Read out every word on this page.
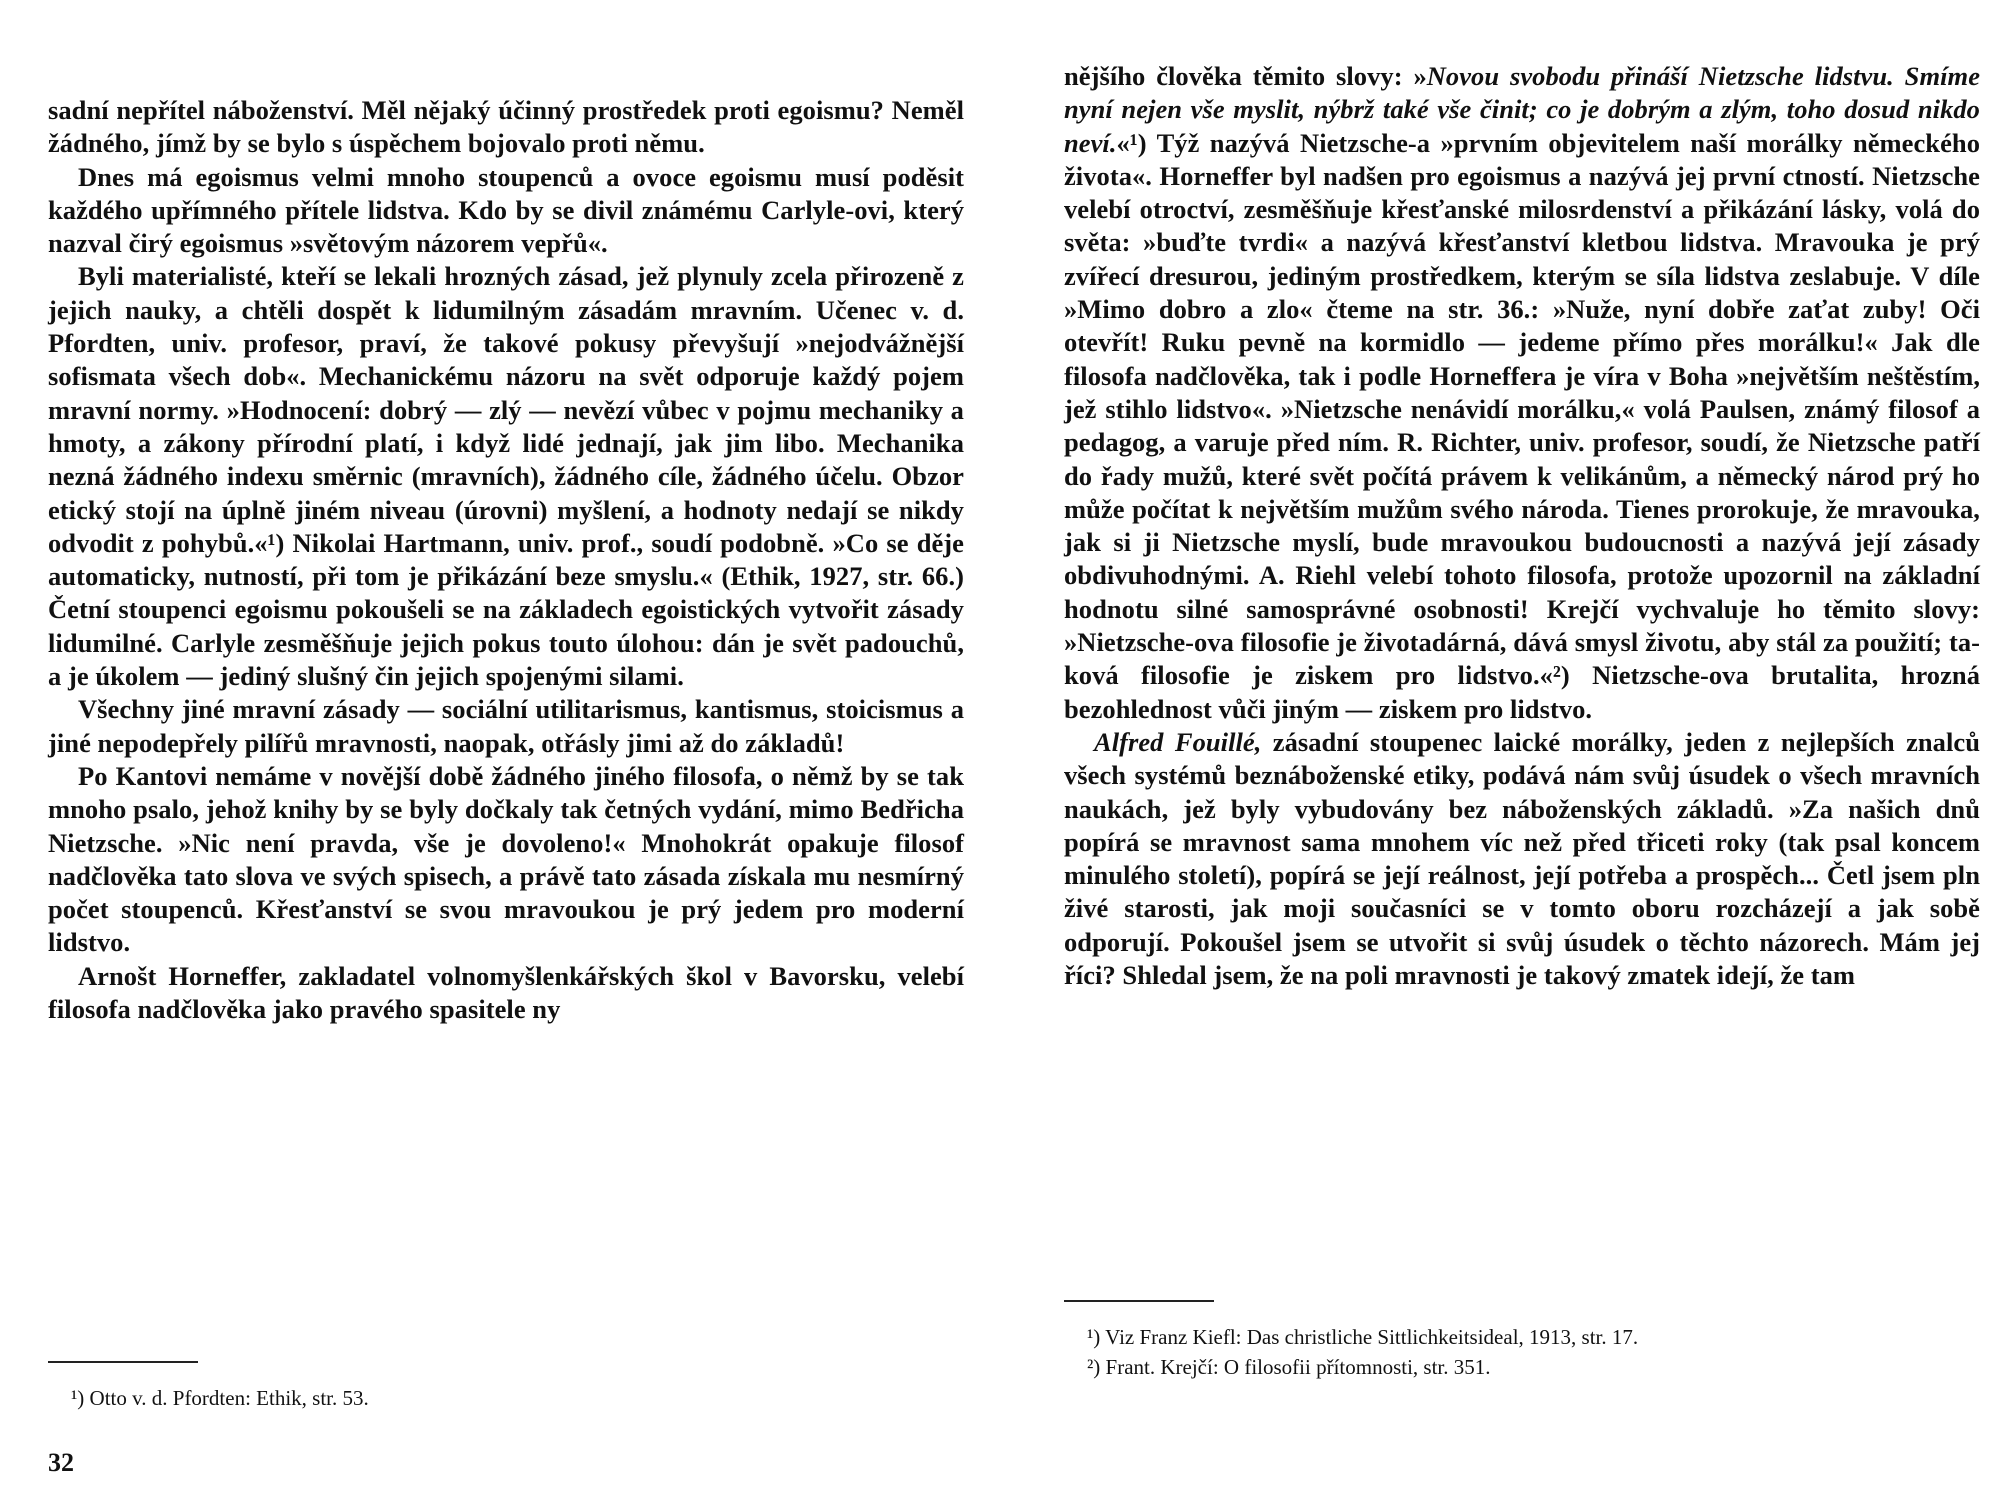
sadní nepřítel náboženství. Měl nějaký účinný prostředek proti egoismu? Neměl žádného, jímž by se bylo s úspěchem bojovalo proti němu.

Dnes má egoismus velmi mnoho stoupenců a ovoce egoismu musí poděsit každého upřímného přítele lidstva. Kdo by se divil známému Carlyle-ovi, který nazval čirý egoismus »světovým názorem vepřů«.

Byli materialisté, kteří se lekali hrozných zásad, jež plynuly zcela přirozeně z jejich nauky, a chtěli dospět k lidumilným zásadám mravním. Učenec v. d. Pfordten, univ. profesor, praví, že takové pokusy převyšují »nejodvážnější sofismata všech dob«. Mechanickému názoru na svět odporuje každý pojem mravní normy. »Hodnocení: dobrý — zlý — nevězí vůbec v pojmu mechaniky a hmoty, a zákony přírodní platí, i když lidé jednají, jak jim libo. Mechanika nezná žádného indexu směrnic (mravních), žádného cíle, žádného účelu. Obzor etický stojí na úplně jiném niveau (úrovni) myšlení, a hodnoty nedají se nikdy odvodit z pohybů.«¹) Nikolai Hartmann, univ. prof., soudí podobně. »Co se děje automaticky, nutností, při tom je přikázání beze smyslu.« (Ethik, 1927, str. 66.) Četní stoupenci egoismu pokoušeli se na základech egoistických vytvořit zásady lidumilné. Carlyle zesměšňuje jejich pokus touto úlohou: dán je svět padouchů, a je úkolem — jediný slušný čin jejich spojenými silami.

Všechny jiné mravní zásady — sociální utilitarismus, kantismus, stoicismus a jiné nepodepřely pilířů mravnosti, naopak, otřásly jimi až do základů!

Po Kantovi nemáme v novější době žádného jiného filosofa, o němž by se tak mnoho psalo, jehož knihy by se byly dočkaly tak četných vydání, mimo Bedřicha Nietzsche. »Nic není pravda, vše je dovoleno!« Mnohokrát opakuje filosof nadčlověka tato slova ve svých spisech, a právě tato zásada získala mu nesmírný počet stoupenců. Křesťanství se svou mravoukou je prý jedem pro moderní lidstvo.

Arnošt Horneffer, zakladatel volnomyšlenkářských škol v Bavorsku, velebí filosofa nadčlověka jako pravého spasitele ny

¹) Otto v. d. Pfordten: Ethik, str. 53.

32

nějšího člověka těmito slovy: »Novou svobodu přináší Nietzsche lidstvu. Smíme nyní nejen vše myslit, nýbrž také vše činit; co je dobrým a zlým, toho dosud nikdo neví.«¹) Týž nazývá Nietzsche-a »prvním objevitelem naší morálky německého života«. Horneffer byl nadšen pro egoismus a nazývá jej první ctností. Nietzsche velebí otroctví, zesměšňuje křesťanské milosrdenství a přikázání lásky, volá do světa: »buďte tvrdi« a nazývá křesťanství kletbou lidstva. Mravouka je prý zvířecí dresurou, jediným prostředkem, kterým se síla lidstva zeslabuje. V díle »Mimo dobro a zlo« čteme na str. 36.: »Nuže, nyní dobře zaťat zuby! Oči otevřít! Ruku pevně na kormidlo — jedeme přímo přes morálku!« Jak dle filosofa nadčlověka, tak i podle Horneffera je víra v Boha »největším neštěstím, jež stihlo lidstvo«. »Nietzsche nenávidí morálku,« volá Paulsen, známý filosof a pedagog, a varuje před ním. R. Richter, univ. profesor, soudí, že Nietzsche patří do řady mužů, které svět počítá právem k velikánům, a německý národ prý ho může počítat k největším mužům svého národa. Tienes prorokuje, že mravouka, jak si ji Nietzsche myslí, bude mravoukou budoucnosti a nazývá její zásady obdivuhodnými. A. Riehl velebí tohoto filosofa, protože upozornil na základní hodnotu silné samosprávné osobnosti! Krejčí vychvaluje ho těmito slovy: »Nietzsche-ova filosofie je životadárná, dává smysl životu, aby stál za použití; taková filosofie je ziskem pro lidstvo.«²) Nietzsche-ova brutalita, hrozná bezohlednost vůči jiným — ziskem pro lidstvo.

Alfred Fouillé, zásadní stoupenec laické morálky, jeden z nejlepších znalců všech systémů beznáboženské etiky, podává nám svůj úsudek o všech mravních naukách, jež byly vybudovány bez náboženských základů. »Za našich dnů popírá se mravnost sama mnohem víc než před třiceti roky (tak psal koncem minulého století), popírá se její reálnost, její potřeba a prospěch... Četl jsem pln živé starosti, jak moji současníci se v tomto oboru rozcházejí a jak sobě odporují. Pokoušel jsem se utvořit si svůj úsudek o těchto názorech. Mám jej říci? Shledal jsem, že na poli mravnosti je takový zmatek idejí, že tam

¹) Viz Franz Kiefl: Das christliche Sittlichkeitsideal, 1913, str. 17.

²) Frant. Krejčí: O filosofii přítomnosti, str. 351.
